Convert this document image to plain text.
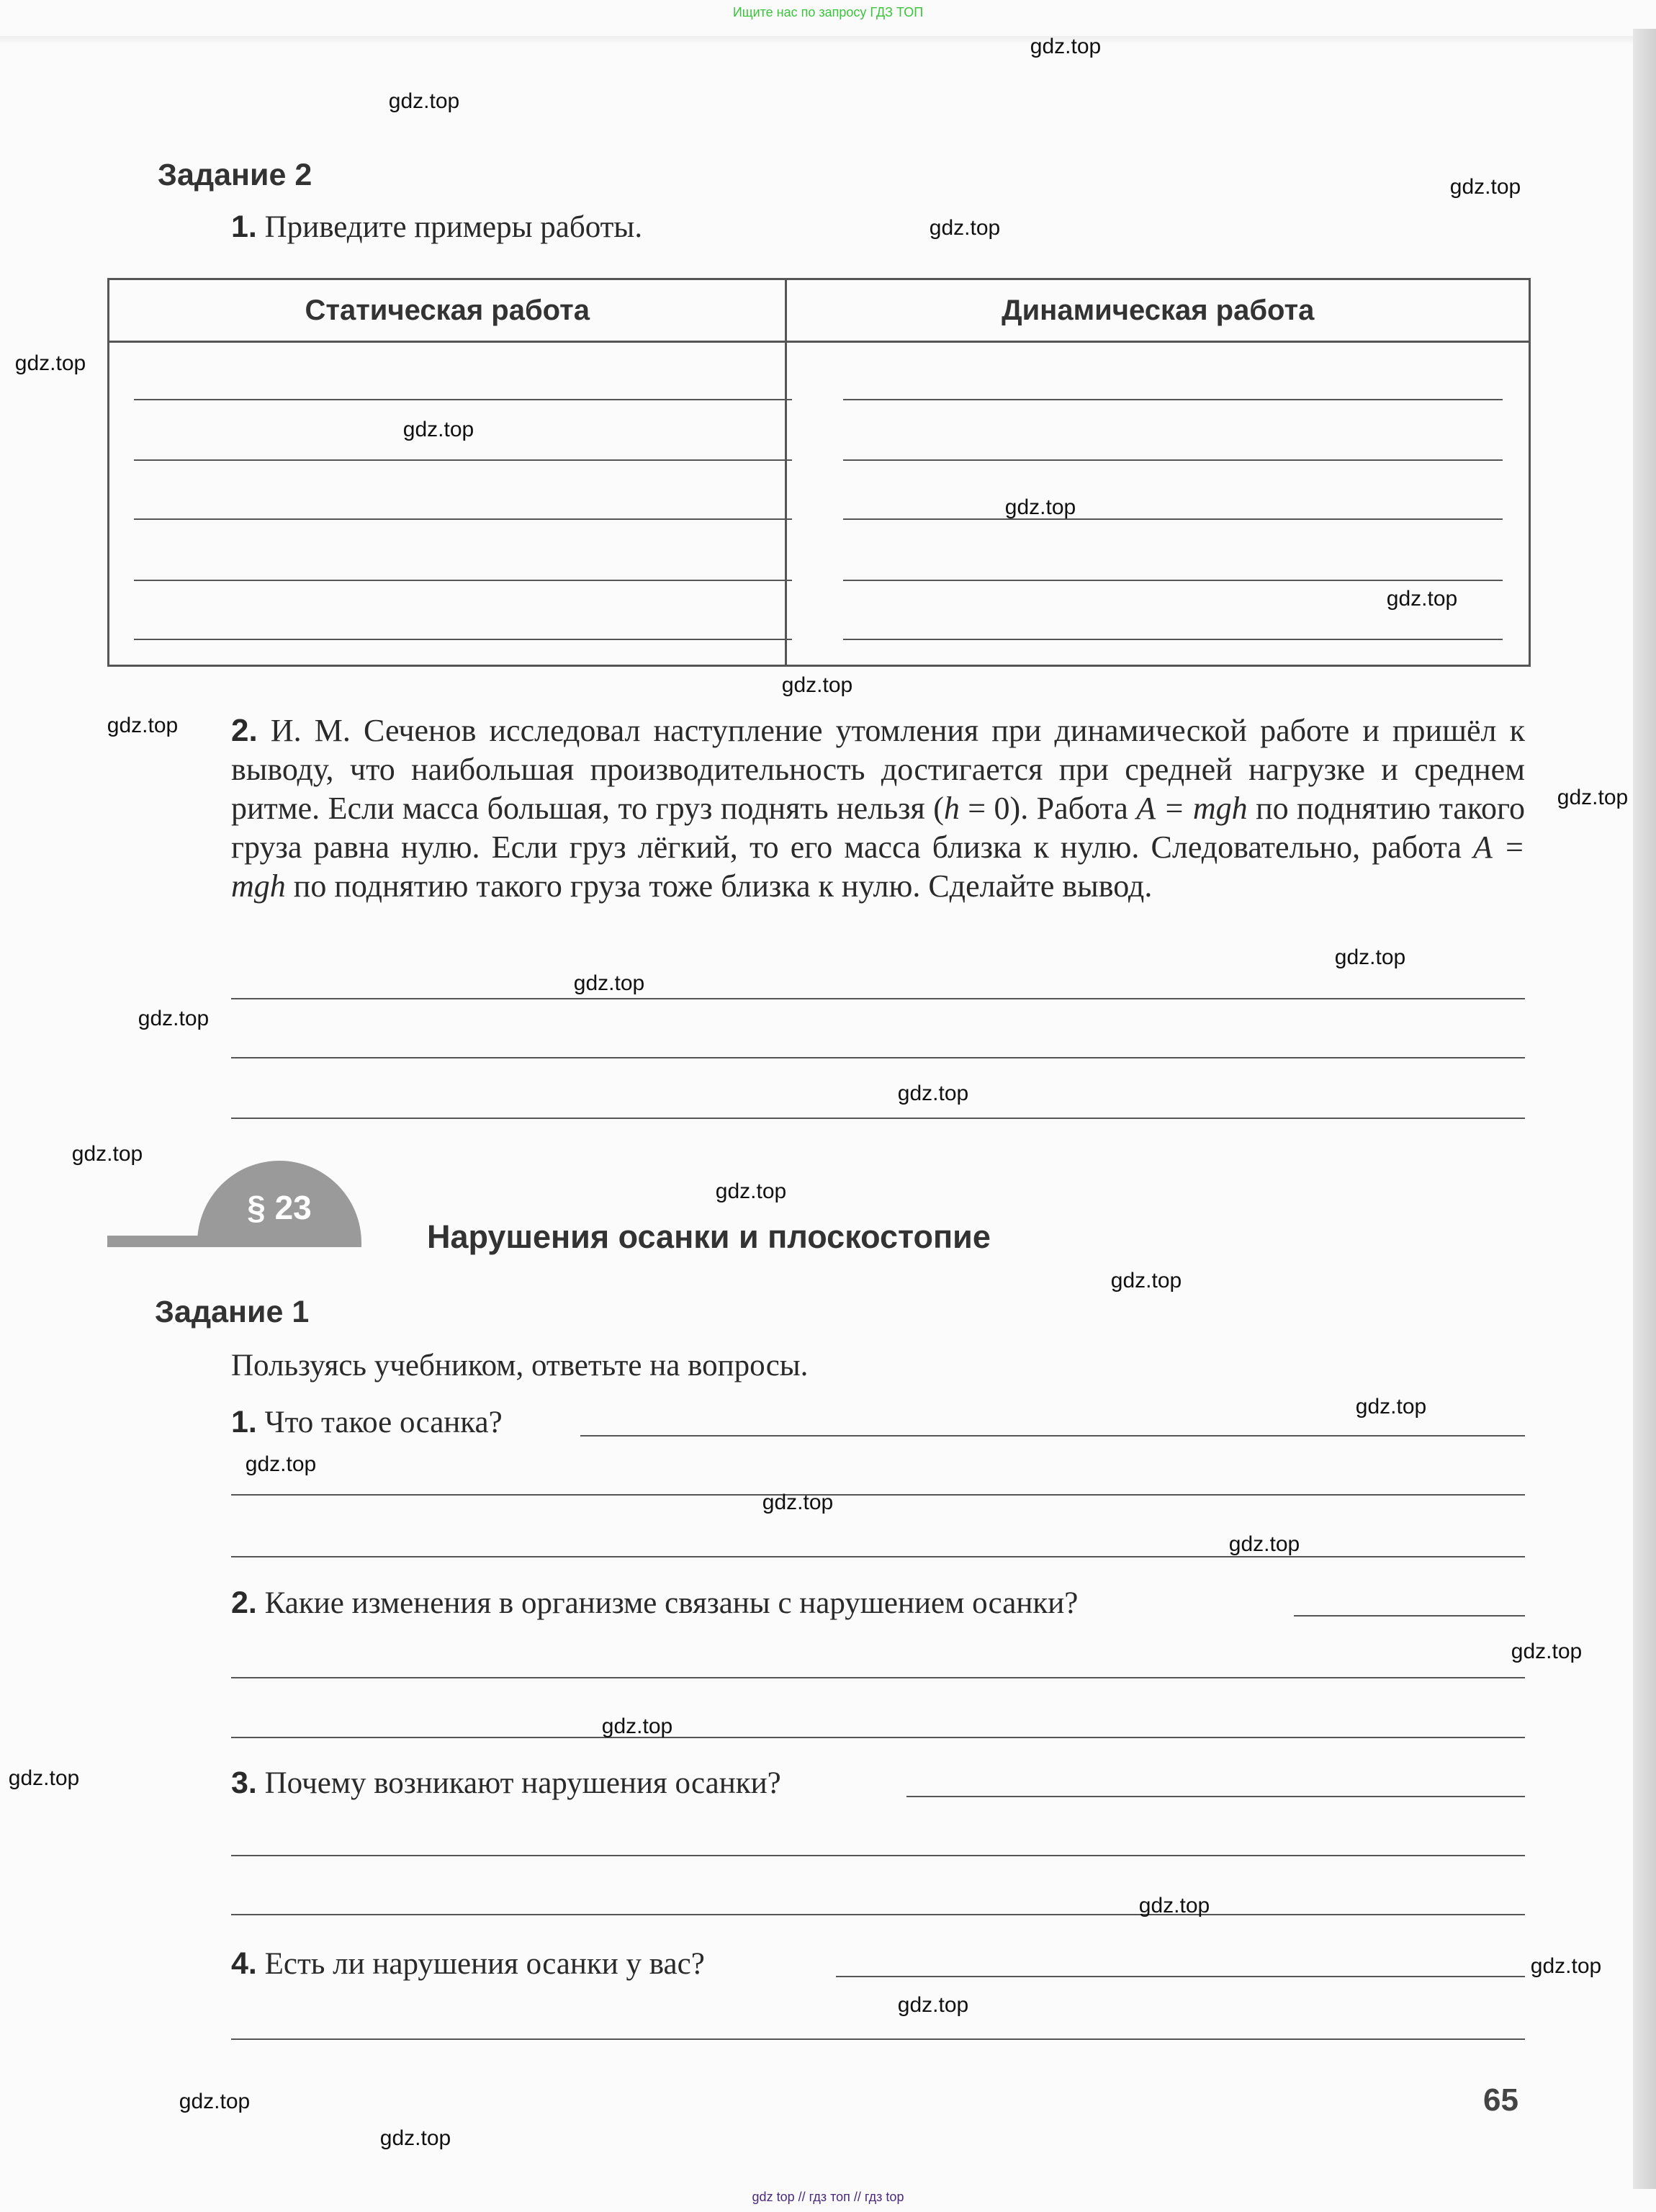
Ищите нас по запросу ГДЗ ТОП
Задание 2
1. Приведите примеры работы.
Статическая работа	Динамическая работа

2. И. М. Сеченов исследовал наступление утомления при динамической работе и пришёл к выводу, что наибольшая производительность достигается при средней нагрузке и среднем ритме. Если масса большая, то груз поднять нельзя (h = 0). Работа A = mgh по поднятию такого груза равна нулю. Если груз лёгкий, то его масса близка к нулю. Следовательно, работа A = mgh по поднятию такого груза тоже близка к нулю. Сделайте вывод.
§ 23
Нарушения осанки и плоскостопие
Задание 1
Пользуясь учебником, ответьте на вопросы.
1. Что такое осанка?
2. Какие изменения в организме связаны с нарушением осанки?
3. Почему возникают нарушения осанки?
4. Есть ли нарушения осанки у вас?
65
gdz.top
gdz.top
gdz.top
gdz.top
gdz.top
gdz.top
gdz.top
gdz.top
gdz.top
gdz.top
gdz.top
gdz.top
gdz.top
gdz.top
gdz.top
gdz.top
gdz.top
gdz.top
gdz.top
gdz.top
gdz.top
gdz.top
gdz.top
gdz.top
gdz.top
gdz.top
gdz.top
gdz.top
gdz.top
gdz.top
gdz top // гдз топ // гдз top
